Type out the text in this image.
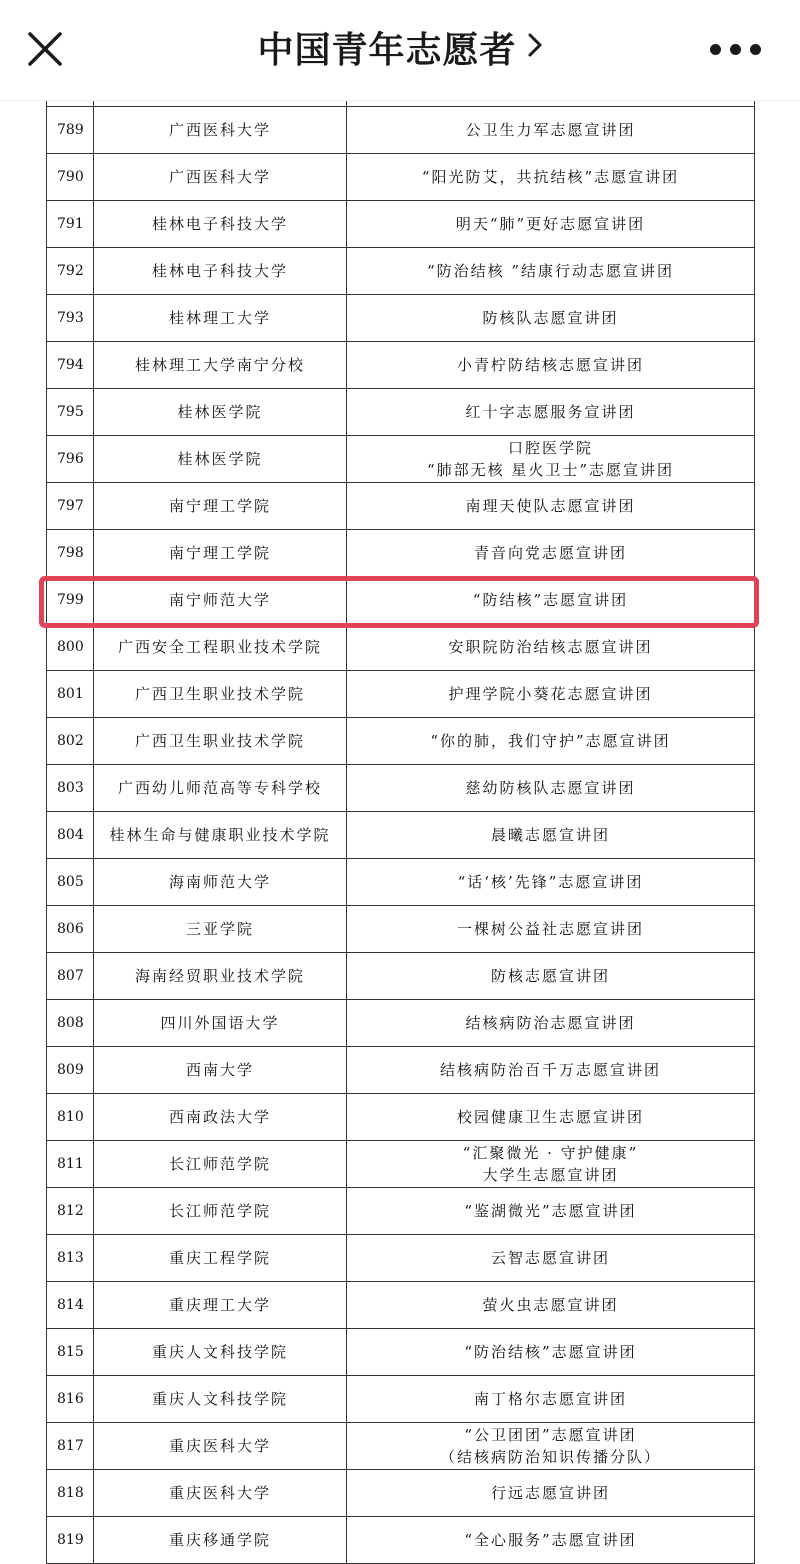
中国青年志愿者

789	广西医科大学	公卫生力军志愿宣讲团

790	广西医科大学	“阳光防艾，共抗结核”志愿宣讲团

791	桂林电子科技大学	明天“肺”更好志愿宣讲团

792	桂林电子科技大学	“防治结核 ”结康行动志愿宣讲团

793	桂林理工大学	防核队志愿宣讲团

794	桂林理工大学南宁分校	小青柠防结核志愿宣讲团

795	桂林医学院	红十字志愿服务宣讲团

796	桂林医学院	口腔医学院
“肺部无核 星火卫士”志愿宣讲团

797	南宁理工学院	南理天使队志愿宣讲团

798	南宁理工学院	青音向党志愿宣讲团

799	南宁师范大学	“防结核”志愿宣讲团

800	广西安全工程职业技术学院	安职院防治结核志愿宣讲团

801	广西卫生职业技术学院	护理学院小葵花志愿宣讲团

802	广西卫生职业技术学院	“你的肺，我们守护”志愿宣讲团

803	广西幼儿师范高等专科学校	慈幼防核队志愿宣讲团

804	桂林生命与健康职业技术学院	晨曦志愿宣讲团

805	海南师范大学	“话‘核’先锋”志愿宣讲团

806	三亚学院	一棵树公益社志愿宣讲团

807	海南经贸职业技术学院	防核志愿宣讲团

808	四川外国语大学	结核病防治志愿宣讲团

809	西南大学	结核病防治百千万志愿宣讲团

810	西南政法大学	校园健康卫生志愿宣讲团

811	长江师范学院	“汇聚微光 · 守护健康”
大学生志愿宣讲团

812	长江师范学院	“鉴湖微光”志愿宣讲团

813	重庆工程学院	云智志愿宣讲团

814	重庆理工大学	萤火虫志愿宣讲团

815	重庆人文科技学院	“防治结核”志愿宣讲团

816	重庆人文科技学院	南丁格尔志愿宣讲团

817	重庆医科大学	“公卫团团”志愿宣讲团
（结核病防治知识传播分队）

818	重庆医科大学	行远志愿宣讲团

819	重庆移通学院	“全心服务”志愿宣讲团
